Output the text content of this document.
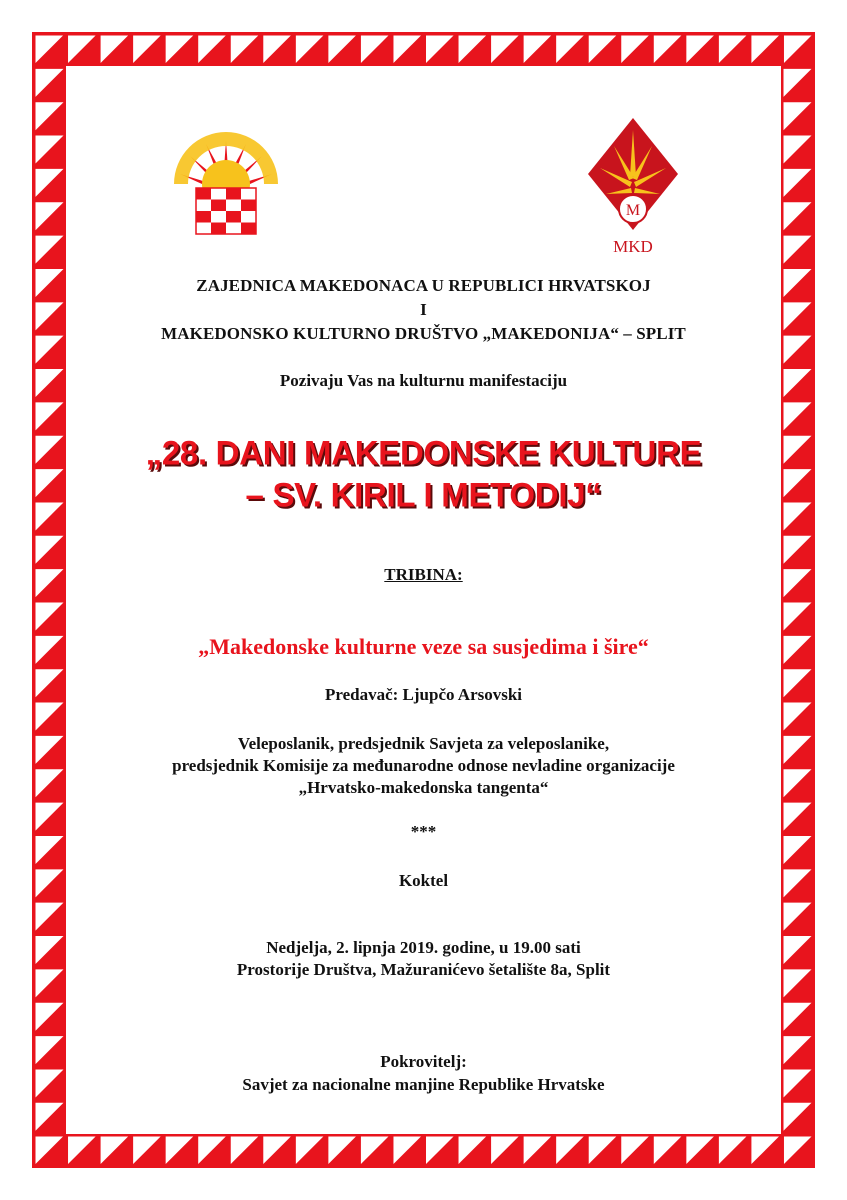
M
MKD
ZAJEDNICA MAKEDONACA U REPUBLICI HRVATSKOJ
I
MAKEDONSKO KULTURNO DRUŠTVO „MAKEDONIJA“ – SPLIT
Pozivaju Vas na kulturnu manifestaciju
„28. DANI MAKEDONSKE KULTURE
– SV. KIRIL I METODIJ“
TRIBINA:
„Makedonske kulturne veze sa susjedima i šire“
Predavač: Ljupčo Arsovski
Veleposlanik, predsjednik Savjeta za veleposlanike,
predsjednik Komisije za međunarodne odnose nevladine organizacije
„Hrvatsko-makedonska tangenta“
***
Koktel
Nedjelja, 2. lipnja 2019. godine, u 19.00 sati
Prostorije Društva, Mažuranićevo šetalište 8a, Split
Pokrovitelj:
Savjet za nacionalne manjine Republike Hrvatske
